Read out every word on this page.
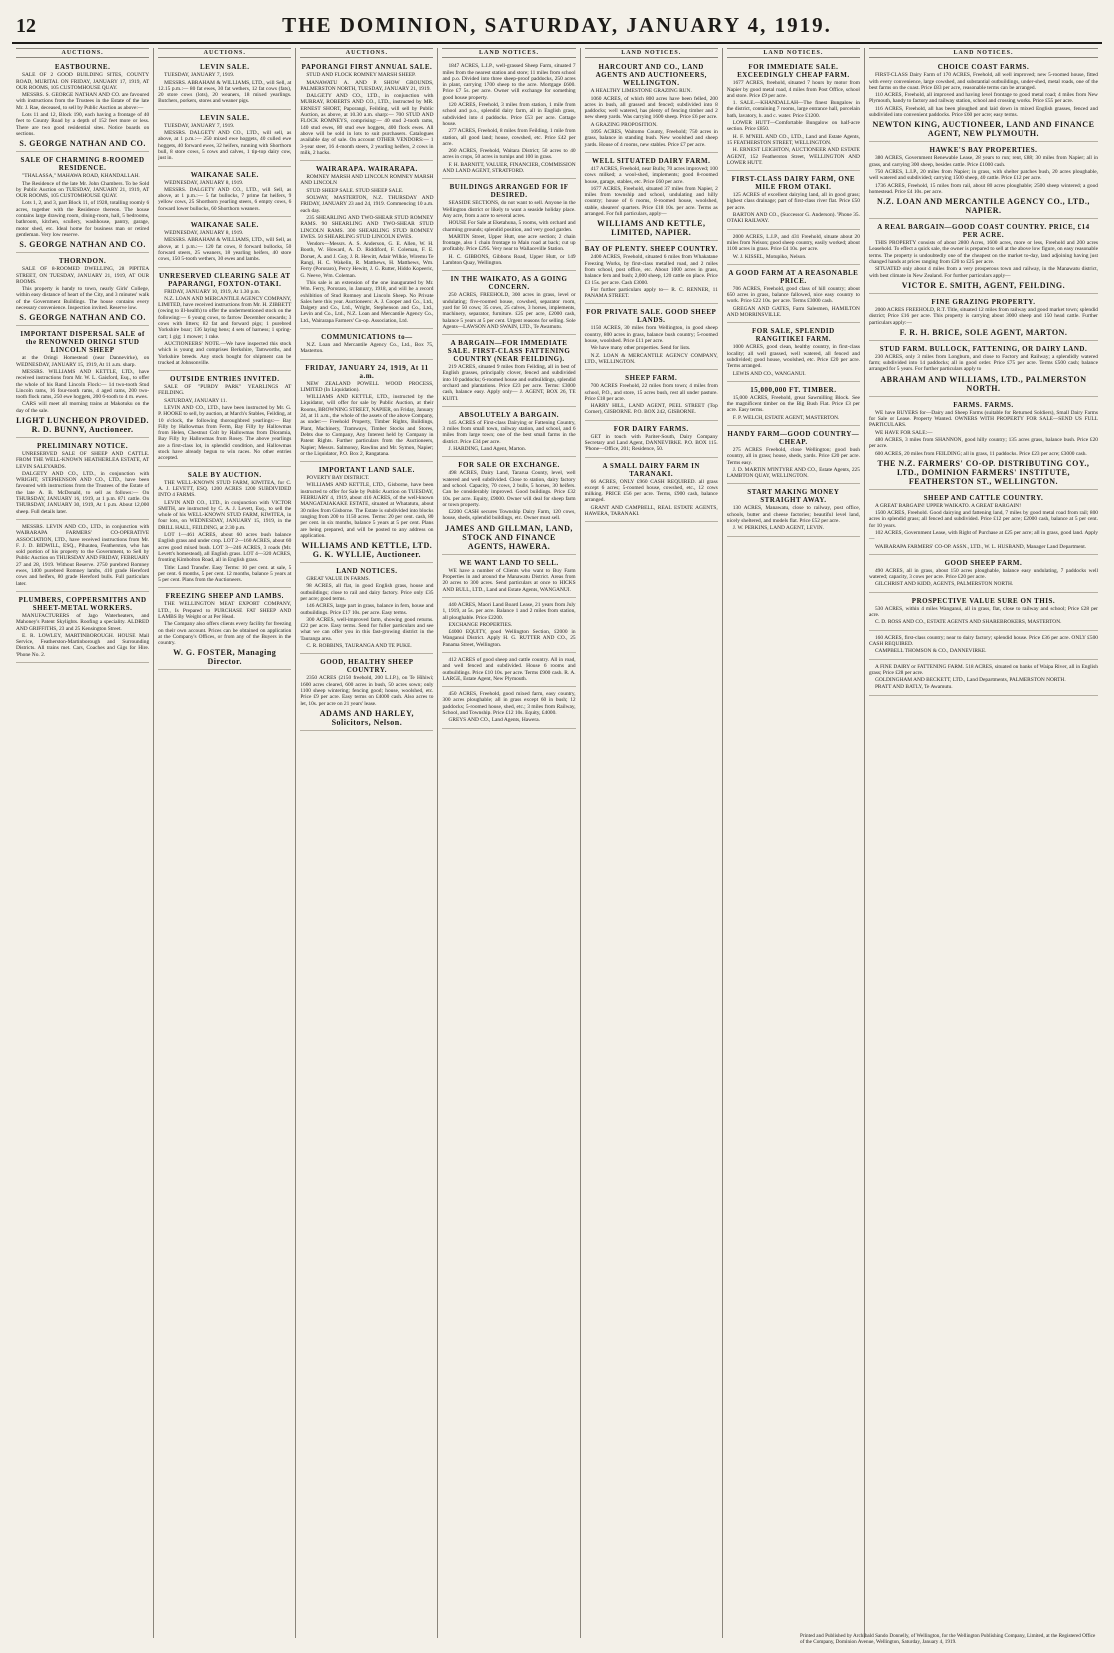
12	THE DOMINION, SATURDAY, JANUARY 4, 1919.
AUCTIONS.
EASTBOURNE.

SALE OF 2 GOOD BUILDING SITES, COUNTY ROAD, MURITAI. ON FRIDAY, JANUARY 17, 1919, AT OUR ROOMS, 105 CUSTOMHOUSE QUAY.

MESSRS. S. GEORGE NATHAN AND CO. are favoured with instructions from the Trustees in the Estate of the late Mr. J. Rae, deceased, to sell by Public Auction as above:—

Lots 11 and 12, Block 190, each having a frontage of 40 feet to County Road by a depth of 152 feet more or less. There are two good residential sites. Notice boards on sections.

S. GEORGE NATHAN AND CO.
SALE OF CHARMING 8-ROOMED RESIDENCE.

"THALASSA," MAHAWA ROAD, KHANDALLAH.

The Residence of the late Mr. John Chambers. To be Sold by Public Auction on TUESDAY, JANUARY 21, 1919, AT OUR ROOMS, 105 CUSTOMHOUSE QUAY.

Lots 1, 2, and 3, part Block 11, of 1928, totalling roomly 6 acres, together with the Residence thereon. The house contains large drawing room, dining-room, hall, 5 bedrooms, bathroom, kitchen, scullery, washhouse, pantry, garage, motor shed, etc. Ideal home for business man or retired gentleman. Very low reserve.

S. GEORGE NATHAN AND CO.
THORNDON.

SALE OF 8-ROOMED DWELLING, 28 PIPITEA STREET, ON TUESDAY, JANUARY 21, 1919, AT OUR ROOMS.

This property is handy to town, nearly Girls' College, within easy distance of heart of the City, and 3 minutes' walk of the Government Buildings. The house contains every necessary convenience. Inspection invited. Reserve low.

S. GEORGE NATHAN AND CO.
IMPORTANT DISPERSAL SALE of the RENOWNED ORINGI STUD LINCOLN SHEEP

at the Oringi Homestead (near Dannevirke), on WEDNESDAY, JANUARY 15, 1919, At 11 a.m. sharp.

MESSRS. WILLIAMS AND KETTLE, LTD., have received instructions from Mr. W. L. Gaisford, Esq., to offer the whole of his Rand Lincoln Flock:— 14 two-tooth Stud Lincoln rams, 16 four-tooth rams, 4 aged rams, 200 two-tooth flock rams, 250 ewe hoggets, 200 6-tooth to 4 m. ewes.

CARS will meet all morning trains at Makotuku on the day of the sale.

LIGHT LUNCHEON PROVIDED. R. D. BUNNY, Auctioneer.
PRELIMINARY NOTICE.

UNRESERVED SALE OF SHEEP AND CATTLE. FROM THE WELL-KNOWN HEATHERLEA ESTATE, AT LEVIN SALEYARDS.

DALGETY AND CO., LTD., in conjunction with WRIGHT, STEPHENSON AND CO., LTD., have been favoured with instructions from the Trustees of the Estate of the late A. B. McDonald, to sell as follows:— On THURSDAY, JANUARY 16, 1919, at 1 p.m. 871 cattle. On THURSDAY, JANUARY 30, 1919, At 1 p.m. About 12,000 sheep. Full details later.

MESSRS. LEVIN AND CO., LTD., in conjunction with WAIRARAPA FARMERS' CO-OPERATIVE ASSOCIATION, LTD., have received instructions from Mr. F. J. D. BIDWILL, ESQ., Pihautea, Featherston, who has sold portion of his property to the Government, to Sell by Public Auction on THURSDAY AND FRIDAY, FEBRUARY 27 and 28, 1919. Without Reserve. 2750 purebred Romney ewes, 1400 purebred Romney lambs, 410 grade Hereford cows and heifers, 80 grade Hereford bulls. Full particulars later.

PLUMBERS, COPPERSMITHS AND SHEET-METAL WORKERS.

MANUFACTURERS of Jago Waterheaters, and Mahoney's Patent Skylights. Roofing a speciality. ALDRED AND GRIFFITHS, 23 and 25 Kensington Street.

E. R. LOWLEY, MARTINBOROUGH. HOUSE Mail Service, Featherston-Martinborough and Surrounding Districts. All trains met. Cars, Coaches and Gigs for Hire. 'Phone No. 2.

AUCTIONS.
LEVIN SALE.

TUESDAY, JANUARY 7, 1919.

MESSRS. ABRAHAM & WILLIAMS, LTD., will Sell, at 12.15 p.m.:— 80 fat ewes, 30 fat wethers, 12 fat cows (fats), 20 store cows (lots), 20 weaners, 18 mixed yearlings. Butchers, porkers, stores and weaner pigs.

LEVIN SALE.

TUESDAY, JANUARY 7, 1919.

MESSRS. DALGETY AND CO., LTD., will sell, as above, at 1 p.m.:— 250 mixed ewe hoggets, 40 culled ewe hoggets, 40 forward ewes, 32 heifers, running with Shorthorn bull, 8 store cows, 5 cows and calves, 1 tip-top dairy cow, just in.

WAIKANAE SALE.

WEDNESDAY, JANUARY 8, 1919.

MESSRS. DALGETY AND CO., LTD., will Sell, as above, at 1 p.m.:— 5 fat bullocks, 7 prime fat heifers, 9 yellow cows, 25 Shorthorn yearling steers, 6 empty cows, 6 forward lower bullocks, 60 Shorthorn weaners.

WAIKANAE SALE.

WEDNESDAY, JANUARY 8, 1919.

MESSRS. ABRAHAM & WILLIAMS, LTD., will Sell, as above, at 1 p.m.:— 120 fat cows, 8 forward bullocks, 50 forward steers, 25 weaners, 18 yearling heifers, 40 store cows, 150 5-tooth wethers, 30 ewes and lambs.

UNRESERVED CLEARING SALE AT PAPARANGI, FOXTON-OTAKI.

FRIDAY, JANUARY 10, 1919, At 1.30 p.m.

N.Z. LOAN AND MERCANTILE AGENCY COMPANY, LIMITED, have received instructions from Mr. H. ZIBBETT (owing to ill-health) to offer the undermentioned stock on the following:— 6 young cows, to farrow December onwards; 3 cows with litters; 82 fat and forward pigs; 1 purebred Yorkshire boar; 136 laying hens; 4 sets of harness; 1 spring-cart; 1 gig; 1 mower; 1 rake.

AUCTIONEERS' NOTE.—We have inspected this stock which is young and comprises Berkshire, Tamworths, and Yorkshire breeds. Any stock bought for shipment can be trucked at Johnsonville.

OUTSIDE ENTRIES INVITED.

SALE OF "PURDY PARK" YEARLINGS AT FEILDING.

SATURDAY, JANUARY 11.

LEVIN AND CO., LTD., have been instructed by Mr. G. P. HOOKE to sell, by auction, at March's Stables, Feilding, at 10 o'clock, the following thoroughbred yearlings:— Bay Filly by Hallowmas from Ferm, Bay Filly by Hallowmas from Helen, Chestnut Colt by Hallowmas from Dioramia, Bay Filly by Hallowmas from Rosey. The above yearlings are a first-class lot, in splendid condition, and Hallowmas stock have already begun to win races. No other entries accepted.

SALE BY AUCTION.

THE WELL-KNOWN STUD FARM, KIWITEA, for C. A. J. LEVETT, ESQ. 1200 ACRES 1200 SUBDIVIDED INTO 4 FARMS.

LEVIN AND CO., LTD., in conjunction with VICTOR SMITH, are instructed by C. A. J. Levett, Esq., to sell the whole of his WELL-KNOWN STUD FARM, KIWITEA, in four lots, on WEDNESDAY, JANUARY 15, 1919, in the DRILL HALL, FEILDING, at 2.30 p.m.

LOT 1—461 ACRES, about 60 acres bush balance English grass and under crop. LOT 2—160 ACRES, about 60 acres good mixed bush. LOT 3—246 ACRES, 3 roads (Mr. Levett's homestead), all English grass. LOT 4—320 ACRES, fronting Kimbolton Road, all in English grass.

Title: Land Transfer. Easy Terms: 10 per cent. at sale, 5 per cent. 6 months, 5 per cent. 12 months, balance 5 years at 5 per cent. Plans from the Auctioneers.

FREEZING SHEEP AND LAMBS.

THE WELLINGTON MEAT EXPORT COMPANY, LTD., Is Prepared to PURCHASE FAT SHEEP AND LAMBS By Weight or at Per Head.

The Company also offers clients every facility for freezing on their own account. Prices can be obtained on application at the Company's Offices, or from any of the Buyers in the country.

W. G. FOSTER, Managing Director.
AUCTIONS.
PAPORANGI FIRST ANNUAL SALE.

STUD AND FLOCK ROMNEY MARSH SHEEP.

MANAWATU A. AND P. SHOW GROUNDS, PALMERSTON NORTH, TUESDAY, JANUARY 21, 1919.

DALGETY AND CO., LTD., in conjunction with MURRAY, ROBERTS AND CO., LTD., instructed by MR. ERNEST SHORT, Paporangi, Feilding, will sell by Public Auction, as above, at 10.30 a.m. sharp:— 700 STUD AND FLOCK ROMNEYS, comprising:— 40 stud 2-tooth rams, 140 stud ewes, 80 stud ewe hoggets, 400 flock ewes. All above will be sold in lots to suit purchasers. Catalogues available day of sale. On account OTHER VENDORS:— 1 3-year steer, 16 4-month steers, 2 yearling heifers, 2 cows in milk, 2 hacks.

WAIRARAPA. WAIRARAPA.

ROMNEY MARSH AND LINCOLN ROMNEY MARSH AND LINCOLN

STUD SHEEP SALE. STUD SHEEP SALE.

SOLWAY, MASTERTON, N.Z. THURSDAY AND FRIDAY, JANUARY 23 and 24, 1919. Commencing 10 a.m. each day.

235 SHEARLING AND TWO-SHEAR STUD ROMNEY RAMS. 90 SHEARLING AND TWO-SHEAR STUD LINCOLN RAMS. 300 SHEARLING STUD ROMNEY EWES. 50 SHEARLING STUD LINCOLN EWES.

Vendors—Messrs. A. S. Anderson, G. E. Allen, W. H. Booth, W. Howard, A. D. Riddiford, F. Coleman, F. E. Dorset, A. and J. Guy, J. R. Hewitt, Adair Wilkie, Wiremu Te Rangi, H. C. Wakelin, R. Matthews, H. Matthews, Wm. Ferry (Pororaro), Percy Hewitt, J. G. Rutter, Hiddo Kopeeric, G. Neeve, Wm. Coleman.

This sale is an extension of the one inaugurated by Mr. Wm. Ferry, Pororaro, in January, 1918, and will be a record exhibition of Stud Romney and Lincoln Sheep. No Private Sales here this year. Auctioneers: A. J. Cooper and Co., Ltd., Dalgety and Co., Ltd., Wright, Stephenson and Co., Ltd., Levin and Co., Ltd., N.Z. Loan and Mercantile Agency Co., Ltd., Wairarapa Farmers' Co-op. Association, Ltd.

COMMUNICATIONS to—

N.Z. Loan and Mercantile Agency Co., Ltd., Box 75, Masterton.

FRIDAY, JANUARY 24, 1919, At 11 a.m.

NEW ZEALAND POWELL WOOD PROCESS, LIMITED (In Liquidation).

WILLIAMS AND KETTLE, LTD., instructed by the Liquidator, will offer for sale by Public Auction, at their Rooms, BROWNING STREET, NAPIER, on Friday, January 24, at 11 a.m., the whole of the assets of the above Company, as under:— Freehold Property, Timber Rights, Buildings, Plant, Machinery, Tramways, Timber Stocks and Stores, Debts due to Company, Any Interest held by Company in Patent Rights. Further particulars from the Auctioneers, Napier; Messrs. Salmonsy, Rawlins and Mr. Symon, Napier; or the Liquidator, P.O. Box 2, Rangatana.

IMPORTANT LAND SALE.

POVERTY BAY DISTRICT.

WILLIAMS AND KETTLE, LTD., Gisborne, have been instructed to offer for Sale by Public Auction on TUESDAY, FEBRUARY 4, 1919, about 416 ACRES, of the well-known MANGATAIAKAKE ESTATE, situated at Whatatutu, about 30 miles from Gisborne. The Estate is subdivided into blocks ranging from 200 to 1150 acres. Terms: 20 per cent. cash, 80 per cent. in six months, balance 5 years at 5 per cent. Plans are being prepared, and will be posted to any address on application.

WILLIAMS AND KETTLE, LTD. G. K. WYLLIE, Auctioneer.
LAND NOTICES.

GREAT VALUE IN FARMS.

98 ACRES, all flat, in good English grass, house and outbuildings; close to rail and dairy factory. Price only £35 per acre; good terms.

146 ACRES, large part in grass, balance in fern, house and outbuildings. Price £17 10s. per acre. Easy terms.

300 ACRES, well-improved farm, showing good returns. £22 per acre. Easy terms. Send for fuller particulars and see what we can offer you in this fast-growing district in the Tauranga area.

C. R. ROBBINS, TAURANGA AND TE PUKE.

GOOD, HEALTHY SHEEP COUNTRY.

2350 ACRES (2150 freehold, 200 L.I.P.), on Te Hihiwi; 1600 acres cleared, 600 acres in bush, 50 acres sown; only 1100 sheep wintering; fencing good; house, woolshed, etc. Price £9 per acre. Easy terms on £4000 cash. Also acres to let, 10s. per acre on 21 years' lease.

ADAMS AND HARLEY, Solicitors, Nelson.
LAND NOTICES.

1847 ACRES, L.I.P., well-grassed Sheep Farm, situated 7 miles from the nearest station and store; 11 miles from school and p.o. Divided into three sheep-proof paddocks, 250 acres in plant, carrying 1700 sheep to the acre. Mortgage £600. Price £7 5s. per acre. Owner will exchange for something good house property.

120 ACRES, Freehold, 3 miles from station, 1 mile from school and p.o., splendid dairy farm, all in English grass, subdivided into 4 paddocks. Price £53 per acre. Cottage house.

277 ACRES, Freehold, 8 miles from Feilding, 1 mile from station, all good land; house, cowshed, etc. Price £42 per acre.

260 ACRES, Freehold, Waitara District; 50 acres to 40 acres in crops, 50 acres in turnips and 100 in grass.

F. H. BARNITT, VALUER, FINANCIER, COMMISSION AND LAND AGENT, STRATFORD.

BUILDINGS ARRANGED FOR IF DESIRED.

SEASIDE SECTIONS, do not want to sell. Anyone in the Wellington district or likely to want a seaside holiday place. Any acre, from a acre to several acres.

HOUSE For Sale at Eketahuna, 5 rooms, with orchard and charming grounds; splendid position, and very good garden.

MARTIN Street, Upper Hutt, one acre section; 2 chain frontage, also 1 chain frontage to Main road at back; cut up profitably. Price £295. Very near to Wallaceville Station.

H. C. GIBBONS, Gibbons Road, Upper Hutt, or 149 Lambton Quay, Wellington.

IN THE WAIKATO, AS A GOING CONCERN.

250 ACRES, FREEHOLD, 300 acres in grass, level or undulating; five-roomed house, cowshed, separator room, yard for 50 cows; 35 cows, 25 calves, 3 horses, implements, machinery, separator, furniture. £25 per acre, £2000 cash, balance 5 years at 5 per cent. Urgent reasons for selling. Sole Agents—LAWSON AND SWAIN, LTD., Te Awamutu.

A BARGAIN—FOR IMMEDIATE SALE. FIRST-CLASS FATTENING COUNTRY (NEAR FEILDING).

219 ACRES, situated 9 miles from Feilding, all in best of English grasses, principally clover, fenced and subdivided into 10 paddocks; 6-roomed house and outbuildings, splendid orchard and plantations. Price £23 per acre. Terms: £3000 cash, balance easy. Apply only— J. AGENT, BOX 26, TE KUITI.

ABSOLUTELY A BARGAIN.

145 ACRES of First-class Dairying or Fattening Country, 3 miles from small town, railway station, and school, and 6 miles from large town; one of the best small farms in the district. Price £34 per acre.

J. HARDING, Land Agent, Marton.

FOR SALE OR EXCHANGE.

498 ACRES, Dairy Land, Tararua County, level, well watered and well subdivided. Close to station, dairy factory and school. Capacity, 70 cows, 2 bulls, 5 horses, 30 heifers. Can be considerably improved. Good buildings. Price £32 10s. per acre. Equity, £9000. Owner will deal for sheep farm or town property.

£2200 CASH secures Township Dairy Farm, 120 cows, house, sheds, splendid buildings, etc. Owner must sell.

JAMES AND GILLMAN, LAND, STOCK AND FINANCE AGENTS, HAWERA.
WE WANT LAND TO SELL.

WE have a number of Clients who want to Buy Farm Properties in and around the Manawatu District. Areas from 20 acres to 300 acres. Send particulars at once to HICKS AND BULL, LTD., Land and Estate Agents, WANGANUI.

440 ACRES, Maori Land Board Lease, 21 years from July 1, 1919, at 5s. per acre. Balance 1 and 2 miles from station, all ploughable. Price £2200.

EXCHANGE PROPERTIES.

£4000 EQUITY, good Wellington Section, £2000 in Wanganui District. Apply H. G. RUTTER AND CO., 25 Panama Street, Wellington.

412 ACRES of good sheep and cattle country. All in road, and well fenced and subdivided. House 6 rooms and outbuildings. Price £10 10s. per acre. Terms £900 cash. R. A. LARGE, Estate Agent, New Plymouth.

450 ACRES, Freehold, good mixed farm, easy country, 300 acres ploughable; all in grass except 60 in bush; 12 paddocks; 5-roomed house, shed, etc.; 3 miles from Railway, School, and Township. Price £12 10s. Equity, £4000.

GREYS AND CO., Land Agents, Hawera.

LAND NOTICES.
HARCOURT AND CO., LAND AGENTS AND AUCTIONEERS, WELLINGTON.

A HEALTHY LIMESTONE GRAZING RUN.

1060 ACRES, of which 800 acres have been felled, 200 acres in bush, all grassed and fenced; subdivided into 8 paddocks; well watered, has plenty of fencing timber and 2 new sheep yards. Was carrying 1600 sheep. Price £6 per acre.

A GRAZING PROPOSITION.

1095 ACRES, Waitomo County, Freehold; 750 acres in grass, balance in standing bush. New woolshed and sheep yards. House of 4 rooms, new stables. Price £7 per acre.

WELL SITUATED DAIRY FARM.

417 ACRES, Freehold, near Bulls; 70 acres improved; 100 cows milked; a wool-shed, implements; good 8-roomed house, garage, stables, etc. Price £60 per acre.

1677 ACRES, Freehold, situated 37 miles from Napier, 2 miles from township and school, undulating and hilly country; house of 6 rooms, 8-roomed house, woolshed, stable, shearers' quarters. Price £18 10s. per acre. Terms as arranged. For full particulars, apply—

WILLIAMS AND KETTLE, LIMITED, NAPIER.
BAY OF PLENTY. SHEEP COUNTRY.

2400 ACRES, Freehold, situated 6 miles from Whakatane Freezing Works, by first-class metalled road, and 2 miles from school, post office, etc. About 1000 acres in grass, balance fern and bush; 2,000 sheep, 120 cattle on place. Price £3 15s. per acre. Cash £3000.

For further particulars apply to— R. C. RENNER, 11 PANAMA STREET.

FOR PRIVATE SALE. GOOD SHEEP LANDS.

1150 ACRES, 30 miles from Wellington, in good sheep country, 800 acres in grass, balance bush country; 5-roomed house, woolshed. Price £11 per acre.

We have many other properties. Send for lists.

N.Z. LOAN & MERCANTILE AGENCY COMPANY, LTD., WELLINGTON.

SHEEP FARM.

700 ACRES Freehold, 22 miles from town; 4 miles from school, P.O., and store, 15 acres bush, rest all under pasture. Price £18 per acre.

HARRY HILL, LAND AGENT, PEEL STREET (Top Corner), GISBORNE. P.O. BOX 242, GISBORNE.

FOR DAIRY FARMS.

GET in touch with Pariter-South, Dairy Company Secretary and Land Agent, DANNEVIRKE. P.O. BOX 115. 'Phone—Office, 201; Residence, 50.

A SMALL DAIRY FARM IN TARANAKI.

66 ACRES, ONLY £960 CASH REQUIRED. all grass except 6 acres; 5-roomed house, cowshed, etc., 12 cows milking. PRICE £56 per acre. Terms, £900 cash, balance arranged.

GRANT AND CAMPBELL, REAL ESTATE AGENTS, HAWERA, TARANAKI.

LAND NOTICES.
FOR IMMEDIATE SALE. EXCEEDINGLY CHEAP FARM.

1677 ACRES, freehold, situated 7 hours by motor from Napier by good metal road, 4 miles from Post Office, school and store. Price £9 per acre.

1. SALE.—KHANDALLAH—The finest Bungalow in the district, containing 7 rooms, large entrance hall, porcelain bath, lavatory, h. and c. water. Price £1200.

LOWER HUTT—Comfortable Bungalow on half-acre section. Price £850.

H. F. M'NEIL AND CO., LTD., Land and Estate Agents, 15 FEATHERSTON STREET, WELLINGTON.

H. ERNEST LEIGHTON, AUCTIONEER AND ESTATE AGENT, 152 Featherston Street, WELLINGTON AND LOWER HUTT.

FIRST-CLASS DAIRY FARM, ONE MILE FROM OTAKI.

125 ACRES of excellent dairying land, all in good grass; highest class drainage; part of first-class river flat. Price £50 per acre.

BARTON AND CO., (Successor G. Anderson). 'Phone 35. OTAKI RAILWAY.

2000 ACRES, L.I.P., and 431 Freehold, situate about 20 miles from Nelson; good sheep country, easily worked; about 1100 acres in grass. Price £4 10s. per acre.

W. J. KISSEL, Motupiko, Nelson.

A GOOD FARM AT A REASONABLE PRICE.

706 ACRES, Freehold, good class of hill country; about 650 acres in grass, balance fallowed, nice easy country to work. Price £22 10s. per acre. Terms £3000 cash.

GREGAN AND GATES, Farm Salesmen, HAMILTON AND MORRINSVILLE.

FOR SALE, SPLENDID RANGITIKEI FARM.

1000 ACRES, good clean, healthy country, in first-class locality; all well grassed, well watered, all fenced and subdivided; good house, woolshed, etc. Price £20 per acre. Terms arranged.

LEWIS AND CO., WANGANUI.

15,000,000 FT. TIMBER.

15,000 ACRES, Freehold, great Sawmilling Block. See the magnificent timber on the Big Bush Flat. Price £3 per acre. Easy terms.

F. P. WELCH, ESTATE AGENT, MASTERTON.

HANDY FARM—GOOD COUNTRY—CHEAP.

275 ACRES Freehold, close Wellington; good bush country, all in grass; house, sheds, yards. Price £20 per acre. Terms easy.

J. D. MARTIN M'INTYRE AND CO., Estate Agents, 225 LAMBTON QUAY, WELLINGTON.

START MAKING MONEY STRAIGHT AWAY.

130 ACRES, Manawatu, close to railway, post office, schools, butter and cheese factories; beautiful level land, nicely sheltered, and models flat. Price £52 per acre.

J. W. PERKINS, LAND AGENT, LEVIN.

LAND NOTICES.
CHOICE COAST FARMS.

FIRST-CLASS Dairy Farm of 170 ACRES, Freehold, all well improved; new 5-roomed house, fitted with every convenience, large cowshed, and substantial outbuildings, under-shed, metal roads, one of the best farms on the coast. Price £83 per acre, reasonable terms can be arranged.

110 ACRES, Freehold, all improved and having level frontage to good metal road; 4 miles from New Plymouth, handy to factory and railway station, school and crossing works. Price £55 per acre.

116 ACRES, Freehold, all has been ploughed and laid down in mixed English grasses, fenced and subdivided into convenient paddocks. Price £60 per acre; easy terms.

NEWTON KING, AUCTIONEER, LAND AND FINANCE AGENT, NEW PLYMOUTH.
HAWKE'S BAY PROPERTIES.

380 ACRES, Government Renewable Lease, 28 years to run; rent, £88; 30 miles from Napier; all in grass, and carrying 300 sheep, besides cattle. Price £1000 cash.

750 ACRES, L.I.P., 20 miles from Napier; in grass, with shelter patches bush, 20 acres ploughable, well watered and subdivided; carrying 1500 sheep, 40 cattle. Price £12 per acre.

1736 ACRES, Freehold, 15 miles from rail, about 80 acres ploughable; 2500 sheep wintered; a good homestead. Price £4 10s. per acre.

N.Z. LOAN AND MERCANTILE AGENCY CO., LTD., NAPIER.
A REAL BARGAIN—GOOD COAST COUNTRY. PRICE, £14 PER ACRE.

THIS PROPERTY consists of about 2800 Acres, 1600 acres, more or less, Freehold and 200 acres Leasehold. To effect a quick sale, the owner is prepared to sell at the above low figure, on easy reasonable terms. The property is undoubtedly one of the cheapest on the market to-day, land adjoining having just changed hands at prices ranging from £20 to £25 per acre.

SITUATED only about 4 miles from a very prosperous town and railway, in the Manawatu district, with best climate in New Zealand. For further particulars apply—

VICTOR E. SMITH, AGENT, FEILDING.
FINE GRAZING PROPERTY.

2000 ACRES FREEHOLD, R.T. Title, situated 12 miles from railway and good market town; splendid district; Price £16 per acre. This property is carrying about 3000 sheep and 150 head cattle. Further particulars apply:—

F. R. H. BRICE, SOLE AGENT, MARTON.
STUD FARM. BULLOCK, FATTENING, OR DAIRY LAND.

230 ACRES, only 3 miles from Longburn, and close to Factory and Railway; a splendidly watered farm; subdivided into 14 paddocks; all in good order. Price £75 per acre. Terms £500 cash; balance arranged for 5 years. For further particulars apply to

ABRAHAM AND WILLIAMS, LTD., PALMERSTON NORTH.
FARMS. FARMS.

WE have BUYERS for—Dairy and Sheep Farms (suitable for Returned Soldiers), Small Dairy Farms for Sale or Lease. Property Wanted. OWNERS WITH PROPERTY FOR SALE—SEND US FULL PARTICULARS.

WE HAVE FOR SALE:—

480 ACRES, 3 miles from SHANNON, good hilly country; 135 acres grass, balance bush. Price £20 per acre.

600 ACRES, 20 miles from FEILDING; all in grass, 11 paddocks. Price £23 per acre; £3000 cash.

THE N.Z. FARMERS' CO-OP. DISTRIBUTING COY., LTD., DOMINION FARMERS' INSTITUTE, FEATHERSTON ST., WELLINGTON.
SHEEP AND CATTLE COUNTRY.

A GREAT BARGAIN! UPPER WAIKATO. A GREAT BARGAIN!

1500 ACRES, Freehold. Good dairying and fattening land, 7 miles by good metal road from rail; 800 acres in splendid grass; all fenced and subdivided. Price £12 per acre; £2000 cash, balance at 5 per cent. for 10 years.

102 ACRES, Government Lease, with Right of Purchase at £25 per acre; all in grass, good land. Apply—

WAIRARAPA FARMERS' CO-OP. ASSN., LTD., W. L. HUSBAND, Manager Land Department.

GOOD SHEEP FARM.

490 ACRES, all in grass, about 150 acres ploughable, balance easy undulating, 7 paddocks well watered; capacity, 3 cows per acre. Price £20 per acre.

GILCHRIST AND KIDD, AGENTS, PALMERSTON NORTH.

PROSPECTIVE VALUE SURE ON THIS.

530 ACRES, within 4 miles Wanganui, all in grass, flat, close to railway and school; Price £28 per acre.

C. D. ROSS AND CO., ESTATE AGENTS AND SHAREBROKERS, MASTERTON.

160 ACRES, first-class country; near to dairy factory; splendid house. Price £36 per acre. ONLY £500 CASH REQUIRED.

CAMPBELL THOMSON & CO., DANNEVIRKE.

A FINE DAIRY or FATTENING FARM. 518 ACRES, situated on banks of Waipa River, all in English grass; Price £28 per acre.

GOLDINGHAM AND BECKETT, LTD., Land Departments, PALMERSTON NORTH.

PRATT AND BATLY, Te Awamutu.

Printed and Published by Archibald Sando Donnelly, of Wellington, for the Wellington Publishing Company, Limited, at the Registered Office of the Company, Dominion Avenue, Wellington, Saturday, January 4, 1919.
